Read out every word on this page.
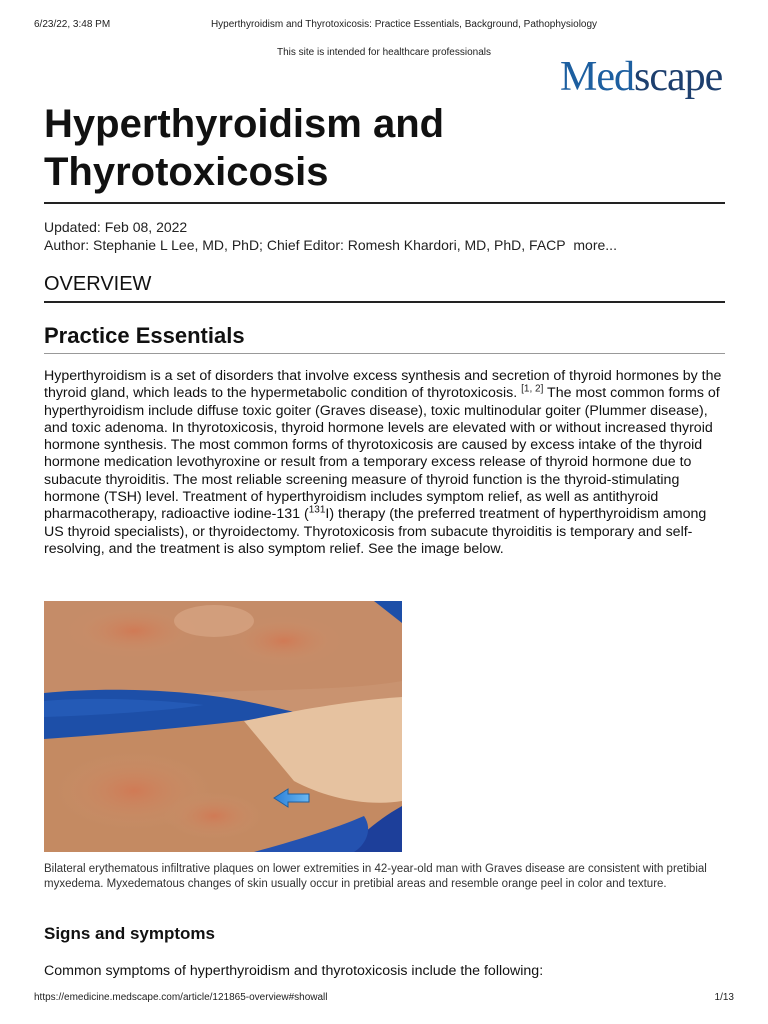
6/23/22, 3:48 PM	Hyperthyroidism and Thyrotoxicosis: Practice Essentials, Background, Pathophysiology
This site is intended for healthcare professionals
Medscape
Hyperthyroidism and
Thyrotoxicosis
Updated: Feb 08, 2022
Author: Stephanie L Lee, MD, PhD; Chief Editor: Romesh Khardori, MD, PhD, FACP more...
OVERVIEW
Practice Essentials

Hyperthyroidism is a set of disorders that involve excess synthesis and secretion of thyroid hormones by the thyroid gland, which leads to the hypermetabolic condition of thyrotoxicosis. [1, 2] The most common forms of hyperthyroidism include diffuse toxic goiter (Graves disease), toxic multinodular goiter (Plummer disease), and toxic adenoma. In thyrotoxicosis, thyroid hormone levels are elevated with or without increased thyroid hormone synthesis. The most common forms of thyrotoxicosis are caused by excess intake of the thyroid hormone medication levothyroxine or result from a temporary excess release of thyroid hormone due to subacute thyroiditis. The most reliable screening measure of thyroid function is the thyroid-stimulating hormone (TSH) level. Treatment of hyperthyroidism includes symptom relief, as well as antithyroid pharmacotherapy, radioactive iodine-131 ($^{131}$I) therapy (the preferred treatment of hyperthyroidism among US thyroid specialists), or thyroidectomy. Thyrotoxicosis from subacute thyroiditis is temporary and self-resolving, and the treatment is also symptom relief. See the image below.

Bilateral erythematous infiltrative plaques on lower extremities in 42-year-old man with Graves disease are consistent with pretibial myxedema. Myxedematous changes of skin usually occur in pretibial areas and resemble orange peel in color and texture.

Signs and symptoms

Common symptoms of hyperthyroidism and thyrotoxicosis include the following:

https://emedicine.medscape.com/article/121865-overview#showall	1/13
